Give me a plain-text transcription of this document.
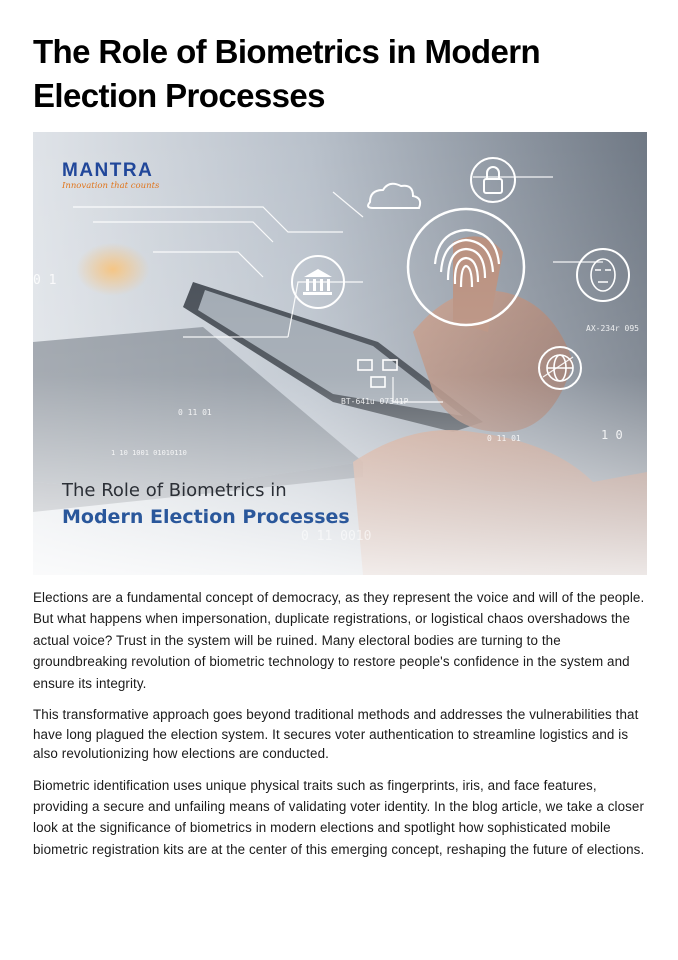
The Role of Biometrics in Modern Election Processes
0 1
0 11 01
1 10 1001 01010110
BT-641u 07341P
AX-234r 095
0 11 01	1 0
0 11 0010
MANTRA
Innovation that counts
The Role of Biometrics in
Modern Election Processes

Elections are a fundamental concept of democracy, as they represent the voice and will of the people. But what happens when impersonation, duplicate registrations, or logistical chaos overshadows the actual voice? Trust in the system will be ruined. Many electoral bodies are turning to the groundbreaking revolution of biometric technology to restore people's confidence in the system and ensure its integrity.

This transformative approach goes beyond traditional methods and addresses the vulnerabilities that have long plagued the election system. It secures voter authentication to streamline logistics and is also revolutionizing how elections are conducted.

Biometric identification uses unique physical traits such as fingerprints, iris, and face features, providing a secure and unfailing means of validating voter identity. In the blog article, we take a closer look at the significance of biometrics in modern elections and spotlight how sophisticated mobile biometric registration kits are at the center of this emerging concept, reshaping the future of elections.
